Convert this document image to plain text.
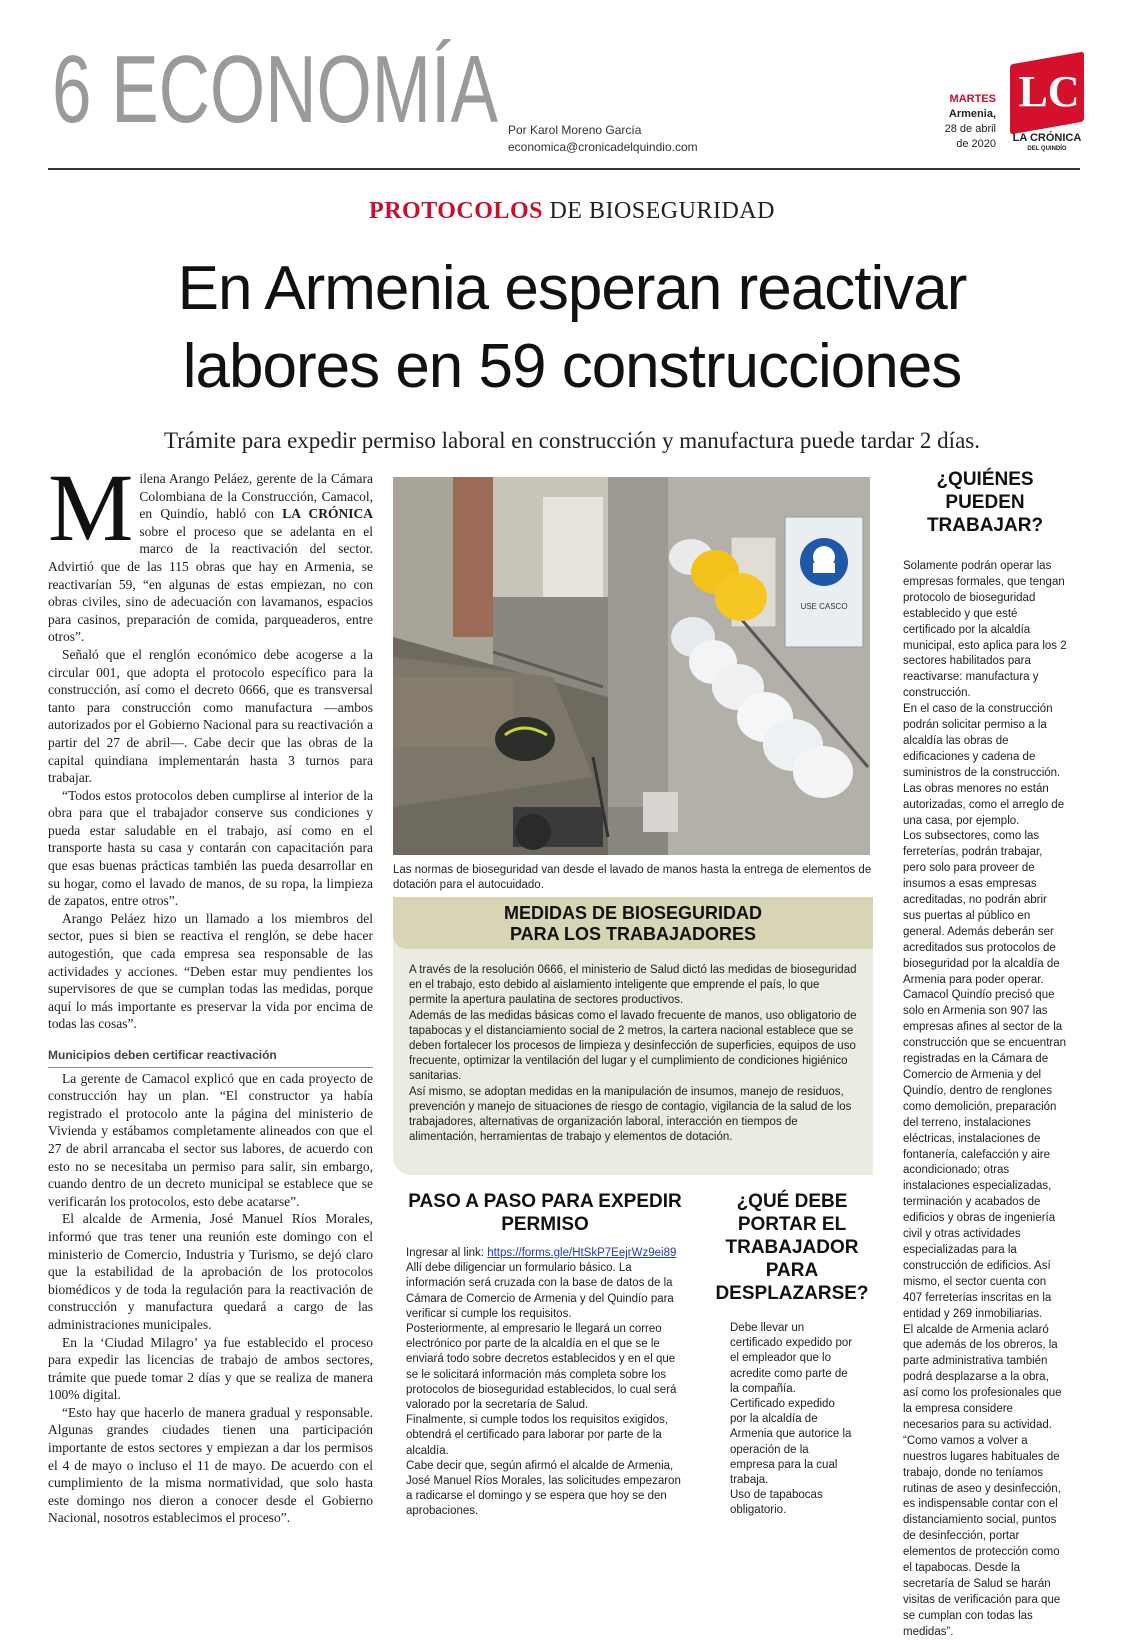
6 ECONOMÍA Por Karol Moreno García
economica@cronicadelquindio.com
MARTES
Armenia,
28 de abril
de 2020
LC
LA CRÓNICA
DEL QUINDÍO
PROTOCOLOS DE BIOSEGURIDAD
En Armenia esperan reactivar
labores en 59 construcciones
Trámite para expedir permiso laboral en construcción y manufactura puede tardar 2 días.

Milena Arango Peláez, gerente de la Cámara Colombiana de la Construcción, Camacol, en Quindío, habló con LA CRÓNICA sobre el proceso que se adelanta en el marco de la reactivación del sector. Advirtió que de las 115 obras que hay en Armenia, se reactivarían 59, “en algunas de estas empiezan, no con obras civiles, sino de adecuación con lavamanos, espacios para casinos, preparación de comida, parqueaderos, entre otros”.

Señaló que el renglón económico debe acogerse a la circular 001, que adopta el protocolo específico para la construcción, así como el decreto 0666, que es transversal tanto para construcción como manufactura —ambos autorizados por el Gobierno Nacional para su reactivación a partir del 27 de abril—. Cabe decir que las obras de la capital quindiana implementarán hasta 3 turnos para trabajar.

“Todos estos protocolos deben cumplirse al interior de la obra para que el trabajador conserve sus condiciones y pueda estar saludable en el trabajo, así como en el transporte hasta su casa y contarán con capacitación para que esas buenas prácticas también las pueda desarrollar en su hogar, como el lavado de manos, de su ropa, la limpieza de zapatos, entre otros”.

Arango Peláez hizo un llamado a los miembros del sector, pues si bien se reactiva el renglón, se debe hacer autogestión, que cada empresa sea responsable de las actividades y acciones. “Deben estar muy pendientes los supervisores de que se cumplan todas las medidas, porque aquí lo más importante es preservar la vida por encima de todas las cosas”.

Municipios deben certificar reactivación

La gerente de Camacol explicó que en cada proyecto de construcción hay un plan. “El constructor ya había registrado el protocolo ante la página del ministerio de Vivienda y estábamos completamente alineados con que el 27 de abril arrancaba el sector sus labores, de acuerdo con esto no se necesitaba un permiso para salir, sin embargo, cuando dentro de un decreto municipal se establece que se verificarán los protocolos, esto debe acatarse”.

El alcalde de Armenia, José Manuel Ríos Morales, informó que tras tener una reunión este domingo con el ministerio de Comercio, Industria y Turismo, se dejó claro que la estabilidad de la aprobación de los protocolos biomédicos y de toda la regulación para la reactivación de construcción y manufactura quedará a cargo de las administraciones municipales.

En la ‘Ciudad Milagro’ ya fue establecido el proceso para expedir las licencias de trabajo de ambos sectores, trámite que puede tomar 2 días y que se realiza de manera 100% digital.

“Esto hay que hacerlo de manera gradual y responsable. Algunas grandes ciudades tienen una participación importante de estos sectores y empiezan a dar los permisos el 4 de mayo o incluso el 11 de mayo. De acuerdo con el cumplimiento de la misma normatividad, que solo hasta este domingo nos dieron a conocer desde el Gobierno Nacional, nosotros establecimos el proceso”.

USE CASCO
Las normas de bioseguridad van desde el lavado de manos hasta la entrega de elementos de dotación para el autocuidado.
MEDIDAS DE BIOSEGURIDAD
PARA LOS TRABAJADORES

A través de la resolución 0666, el ministerio de Salud dictó las medidas de bioseguridad en el trabajo, esto debido al aislamiento inteligente que emprende el país, lo que permite la apertura paulatina de sectores productivos.

Además de las medidas básicas como el lavado frecuente de manos, uso obligatorio de tapabocas y el distanciamiento social de 2 metros, la cartera nacional establece que se deben fortalecer los procesos de limpieza y desinfección de superficies, equipos de uso frecuente, optimizar la ventilación del lugar y el cumplimiento de condiciones higiénico sanitarias.

Así mismo, se adoptan medidas en la manipulación de insumos, manejo de residuos, prevención y manejo de situaciones de riesgo de contagio, vigilancia de la salud de los trabajadores, alternativas de organización laboral, interacción en tiempos de alimentación, herramientas de trabajo y elementos de dotación.

PASO A PASO PARA EXPEDIR PERMISO

Ingresar al link: https://forms.gle/HtSkP7EejrWz9ei89

Allí debe diligenciar un formulario básico. La información será cruzada con la base de datos de la Cámara de Comercio de Armenia y del Quindío para verificar si cumple los requisitos.

Posteriormente, al empresario le llegará un correo electrónico por parte de la alcaldía en el que se le enviará todo sobre decretos establecidos y en el que se le solicitará información más completa sobre los protocolos de bioseguridad establecidos, lo cual será valorado por la secretaría de Salud.

Finalmente, si cumple todos los requisitos exigidos, obtendrá el certificado para laborar por parte de la alcaldía.

Cabe decir que, según afirmó el alcalde de Armenia, José Manuel Ríos Morales, las solicitudes empezaron a radicarse el domingo y se espera que hoy se den aprobaciones.

¿QUÉ DEBE PORTAR EL TRABAJADOR PARA DESPLAZARSE?

Debe llevar un certificado expedido por el empleador que lo acredite como parte de la compañía.

Certificado expedido por la alcaldía de Armenia que autorice la operación de la empresa para la cual trabaja.

Uso de tapabocas obligatorio.

¿QUIÉNES PUEDEN TRABAJAR?

Solamente podrán operar las empresas formales, que tengan protocolo de bioseguridad establecido y que esté certificado por la alcaldía municipal, esto aplica para los 2 sectores habilitados para reactivarse: manufactura y construcción.

En el caso de la construcción podrán solicitar permiso a la alcaldía las obras de edificaciones y cadena de suministros de la construcción. Las obras menores no están autorizadas, como el arreglo de una casa, por ejemplo.

Los subsectores, como las ferreterías, podrán trabajar, pero solo para proveer de insumos a esas empresas acreditadas, no podrán abrir sus puertas al público en general. Además deberán ser acreditados sus protocolos de bioseguridad por la alcaldía de Armenia para poder operar.

Camacol Quindío precisó que solo en Armenia son 907 las empresas afines al sector de la construcción que se encuentran registradas en la Cámara de Comercio de Armenia y del Quindío, dentro de renglones como demolición, preparación del terreno, instalaciones eléctricas, instalaciones de fontanería, calefacción y aire acondicionado; otras instalaciones especializadas, terminación y acabados de edificios y obras de ingeniería civil y otras actividades especializadas para la construcción de edificios. Así mismo, el sector cuenta con 407 ferreterías inscritas en la entidad y 269 inmobiliarias.

El alcalde de Armenia aclaró que además de los obreros, la parte administrativa también podrá desplazarse a la obra, así como los profesionales que la empresa considere necesarios para su actividad. “Como vamos a volver a nuestros lugares habituales de trabajo, donde no teníamos rutinas de aseo y desinfección, es indispensable contar con el distanciamiento social, puntos de desinfección, portar elementos de protección como el tapabocas. Desde la secretaría de Salud se harán visitas de verificación para que se cumplan con todas las medidas”.
